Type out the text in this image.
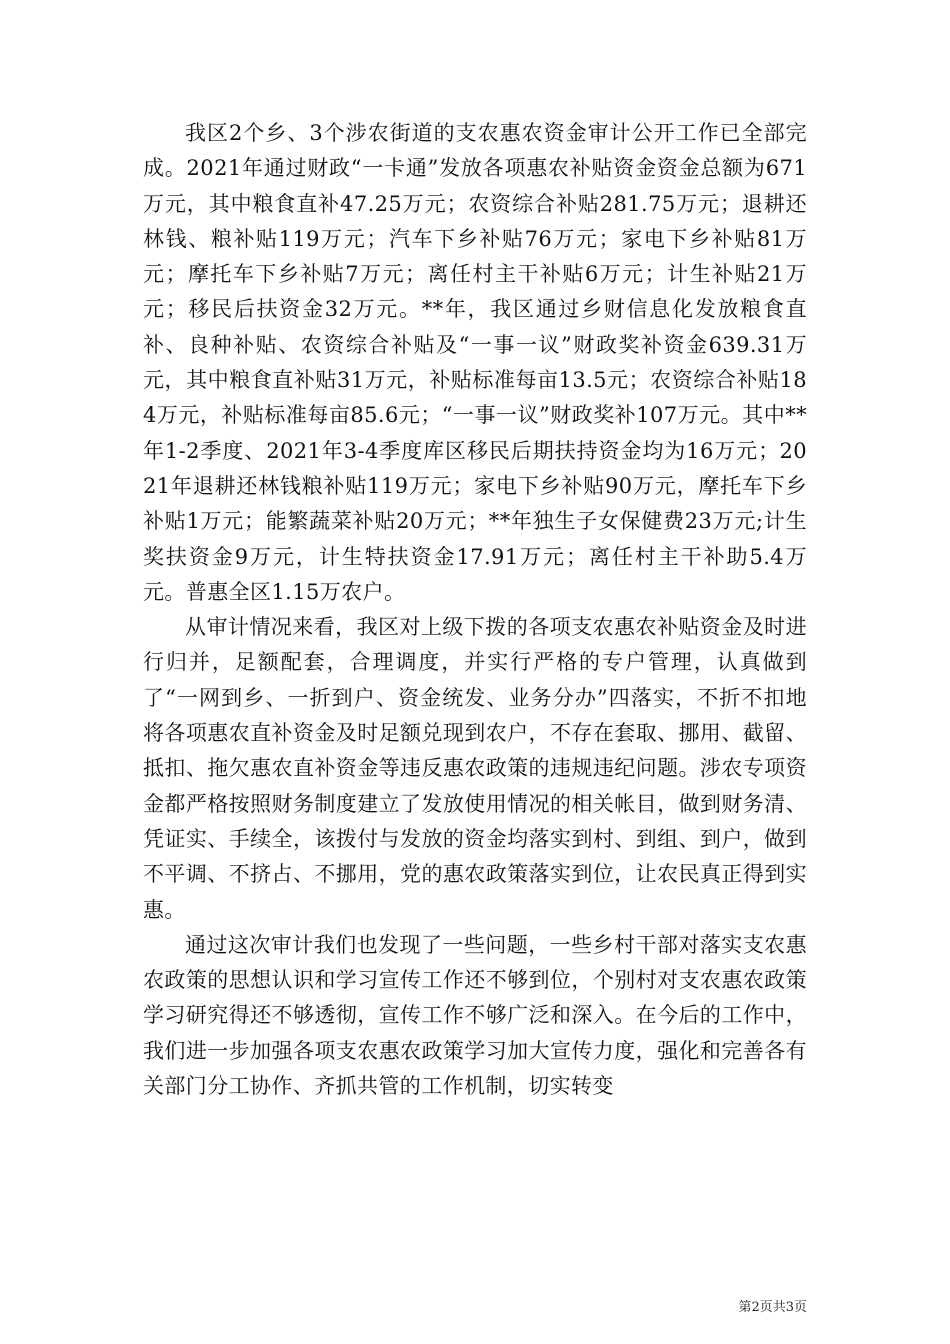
我区2个乡、3个涉农街道的支农惠农资金审计公开工作已全部完成。2021年通过财政“一卡通”发放各项惠农补贴资金资金总额为671万元，其中粮食直补47.25万元；农资综合补贴281.75万元；退耕还林钱、粮补贴119万元；汽车下乡补贴76万元；家电下乡补贴81万元；摩托车下乡补贴7万元；离任村主干补贴6万元；计生补贴21万元；移民后扶资金32万元。**年，我区通过乡财信息化发放粮食直补、良种补贴、农资综合补贴及“一事一议”财政奖补资金639.31万元，其中粮食直补贴31万元，补贴标准每亩13.5元；农资综合补贴184万元，补贴标准每亩85.6元；“一事一议”财政奖补107万元。其中**年1-2季度、2021年3-4季度库区移民后期扶持资金均为16万元；2021年退耕还林钱粮补贴119万元；家电下乡补贴90万元，摩托车下乡补贴1万元；能繁蔬菜补贴20万元；**年独生子女保健费23万元;计生奖扶资金9万元，计生特扶资金17.91万元；离任村主干补助5.4万元。普惠全区1.15万农户。

从审计情况来看，我区对上级下拨的各项支农惠农补贴资金及时进行归并，足额配套，合理调度，并实行严格的专户管理，认真做到了“一网到乡、一折到户、资金统发、业务分办”四落实，不折不扣地将各项惠农直补资金及时足额兑现到农户，不存在套取、挪用、截留、抵扣、拖欠惠农直补资金等违反惠农政策的违规违纪问题。涉农专项资金都严格按照财务制度建立了发放使用情况的相关帐目，做到财务清、凭证实、手续全，该拨付与发放的资金均落实到村、到组、到户，做到不平调、不挤占、不挪用，党的惠农政策落实到位，让农民真正得到实惠。

通过这次审计我们也发现了一些问题，一些乡村干部对落实支农惠农政策的思想认识和学习宣传工作还不够到位，个别村对支农惠农政策学习研究得还不够透彻，宣传工作不够广泛和深入。在今后的工作中，我们进一步加强各项支农惠农政策学习加大宣传力度，强化和完善各有关部门分工协作、齐抓共管的工作机制，切实转变

第2页共3页
